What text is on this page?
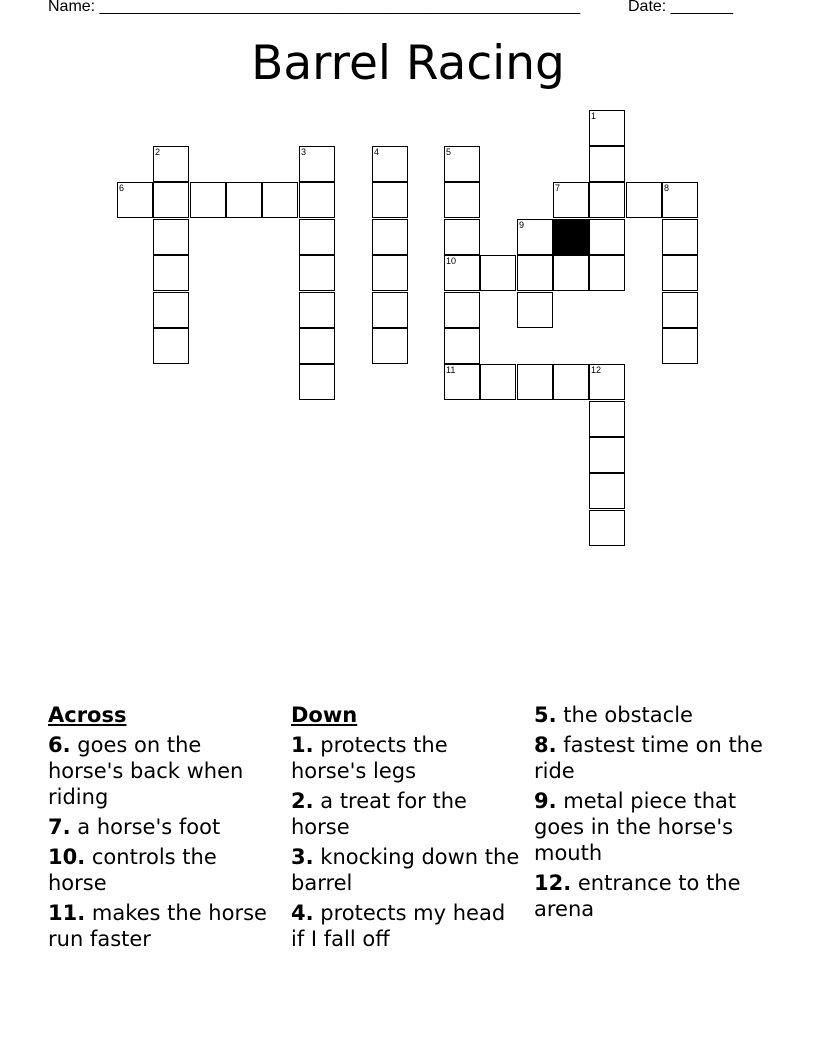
Name: ______________________________________________________	Date: _______
Barrel Racing
6
2	3	4	5
10
11
9
7	8
1
12
Across
6. goes on the horse's back when riding
7. a horse's foot
10. controls the horse
11. makes the horse run faster
Down
1. protects the horse's legs
2. a treat for the horse
3. knocking down the barrel
4. protects my head if I fall off
5. the obstacle
8. fastest time on the ride
9. metal piece that goes in the horse's mouth
12. entrance to the arena
